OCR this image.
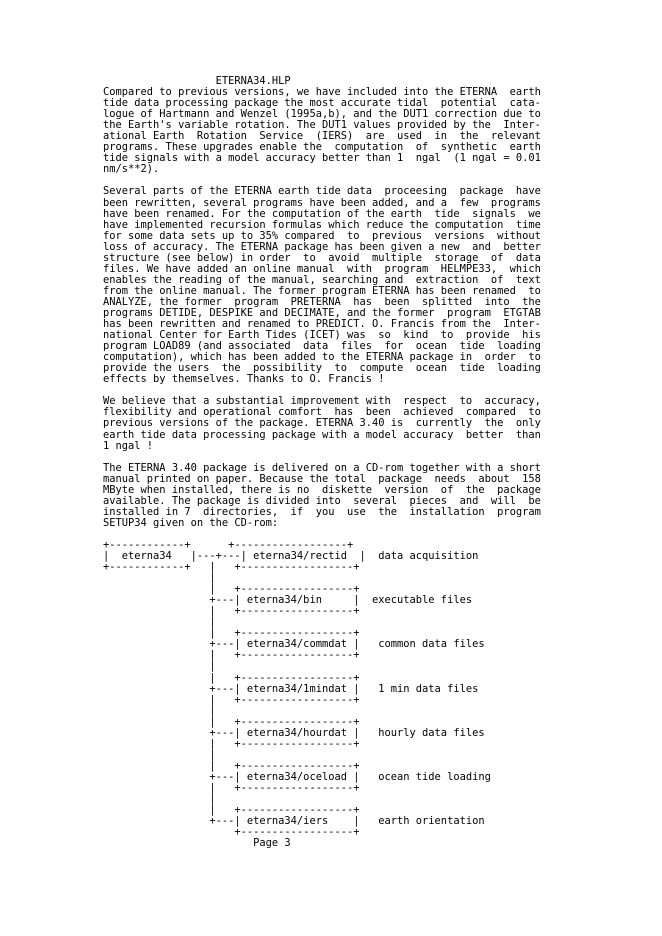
ETERNA34.HLP
Compared to previous versions, we have included into the ETERNA  earth
tide data processing package the most accurate tidal  potential  cata-
logue of Hartmann and Wenzel (1995a,b), and the DUT1 correction due to
the Earth's variable rotation. The DUT1 values provided by the  Inter-
ational Earth  Rotation  Service  (IERS)  are  used  in  the  relevant
programs. These upgrades enable the  computation  of  synthetic  earth
tide signals with a model accuracy better than 1  ngal  (1 ngal = 0.01
nm/s**2).
Several parts of the ETERNA earth tide data  proceesing  package  have
been rewritten, several programs have been added, and a  few  programs
have been renamed. For the computation of the earth  tide  signals  we
have implemented recursion formulas which reduce the computation  time
for some data sets up to 35% compared  to  previous  versions  without
loss of accuracy. The ETERNA package has been given a new  and  better
structure (see below) in order  to  avoid  multiple  storage  of  data
files. We have added an online manual  with  program  HELMPE33,  which
enables the reading of the manual, searching and  extraction  of  text
from the online manual. The former program ETERNA has been renamed  to
ANALYZE, the former  program  PRETERNA  has  been  splitted  into  the
programs DETIDE, DESPIKE and DECIMATE, and the former  program  ETGTAB
has been rewritten and renamed to PREDICT. O. Francis from the  Inter-
national Center for Earth Tides (ICET) was  so  kind  to  provide  his
program LOAD89 (and associated  data  files  for  ocean  tide  loading
computation), which has been added to the ETERNA package in  order  to
provide the users  the  possibility  to  compute  ocean  tide  loading
effects by themselves. Thanks to O. Francis !
We believe that a substantial improvement with  respect  to  accuracy,
flexibility and operational comfort  has  been  achieved  compared  to
previous versions of the package. ETERNA 3.40 is  currently  the  only
earth tide data processing package with a model accuracy  better  than
1 ngal !
The ETERNA 3.40 package is delivered on a CD-rom together with a short
manual printed on paper. Because the total  package  needs  about  158
MByte when installed, there is no  diskette  version  of  the  package
available. The package is divided into  several  pieces  and  will  be
installed in 7  directories,  if  you  use  the  installation  program
SETUP34 given on the CD-rom:
+------------+      +------------------+
|  eterna34   |---+---| eterna34/rectid  |  data acquisition
+------------+   |   +------------------+
|
|   +------------------+
+---| eterna34/bin     |  executable files
|   +------------------+
|
|   +------------------+
+---| eterna34/commdat |   common data files
|   +------------------+
|
|   +------------------+
+---| eterna34/1mindat |   1 min data files
|   +------------------+
|
|   +------------------+
+---| eterna34/hourdat |   hourly data files
|   +------------------+
|
|   +------------------+
+---| eterna34/oceload |   ocean tide loading
|   +------------------+
|
|   +------------------+
+---| eterna34/iers    |   earth orientation
+------------------+
Page 3
